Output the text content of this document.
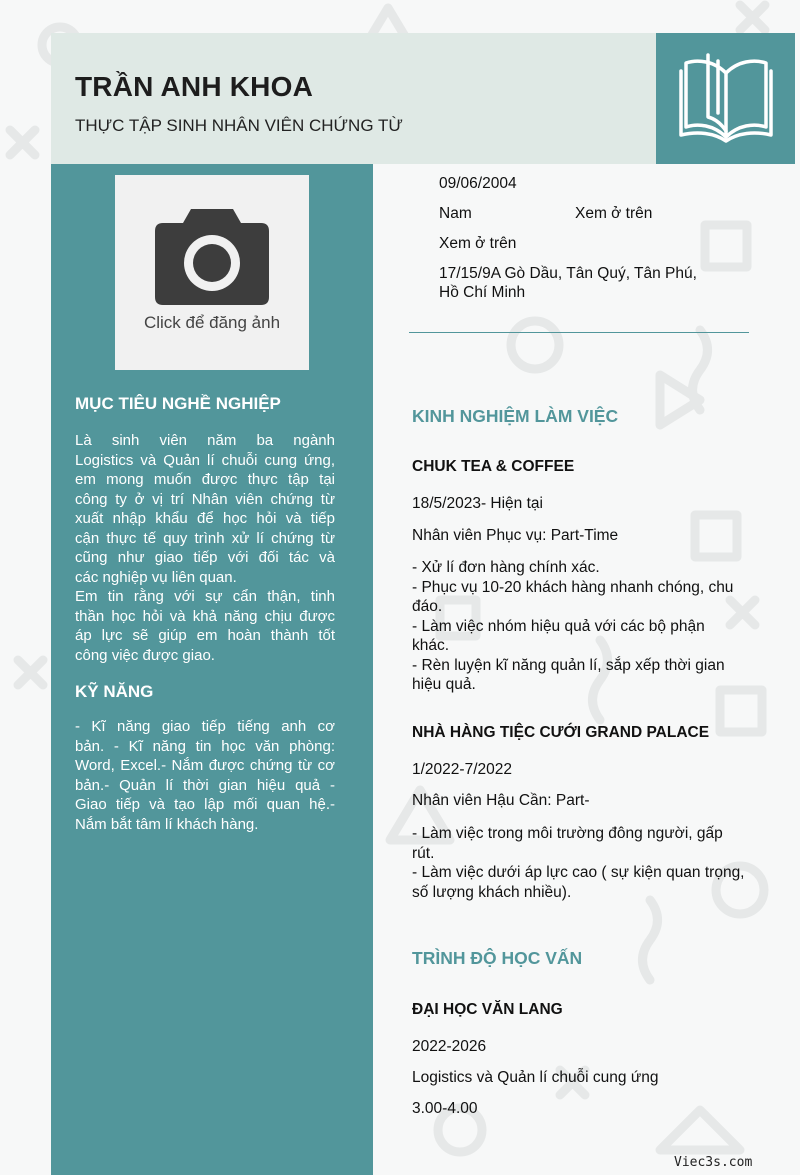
TRẦN ANH KHOA
THỰC TẬP SINH NHÂN VIÊN CHỨNG TỪ
Click để đăng ảnh
MỤC TIÊU NGHỀ NGHIỆP
Là sinh viên năm ba ngành
Logistics và Quản lí chuỗi cung ứng,
em mong muốn được thực tập tại
công ty ở vị trí Nhân viên chứng từ
xuất nhập khẩu để học hỏi và tiếp
cận thực tế quy trình xử lí chứng từ
cũng như giao tiếp với đối tác và
các nghiệp vụ liên quan.
Em tin rằng với sự cẩn thận, tinh
thần học hỏi và khả năng chịu được
áp lực sẽ giúp em hoàn thành tốt
công việc được giao.
KỸ NĂNG
- Kĩ năng giao tiếp tiếng anh cơ
bản. - Kĩ năng tin học văn phòng:
Word, Excel.- Nắm được chứng từ cơ
bản.- Quản lí thời gian hiệu quả -
Giao tiếp và tạo lập mối quan hệ.-
Nắm bắt tâm lí khách hàng.
09/06/2004
Nam	Xem ở trên
Xem ở trên
17/15/9A Gò Dầu, Tân Quý, Tân Phú,
Hồ Chí Minh
KINH NGHIỆM LÀM VIỆC
CHUK TEA & COFFEE
18/5/2023- Hiện tại
Nhân viên Phục vụ: Part-Time
- Xử lí đơn hàng chính xác.
- Phục vụ 10-20 khách hàng nhanh chóng, chu
đáo.
- Làm việc nhóm hiệu quả với các bộ phận
khác.
- Rèn luyện kĩ năng quản lí, sắp xếp thời gian
hiệu quả.
NHÀ HÀNG TIỆC CƯỚI GRAND PALACE
1/2022-7/2022
Nhân viên Hậu Cần: Part-
- Làm việc trong môi trường đông người, gấp
rút.
- Làm việc dưới áp lực cao ( sự kiện quan trọng,
số lượng khách nhiều).
TRÌNH ĐỘ HỌC VẤN
ĐẠI HỌC VĂN LANG
2022-2026
Logistics và Quản lí chuỗi cung ứng
3.00-4.00
Viec3s.com
